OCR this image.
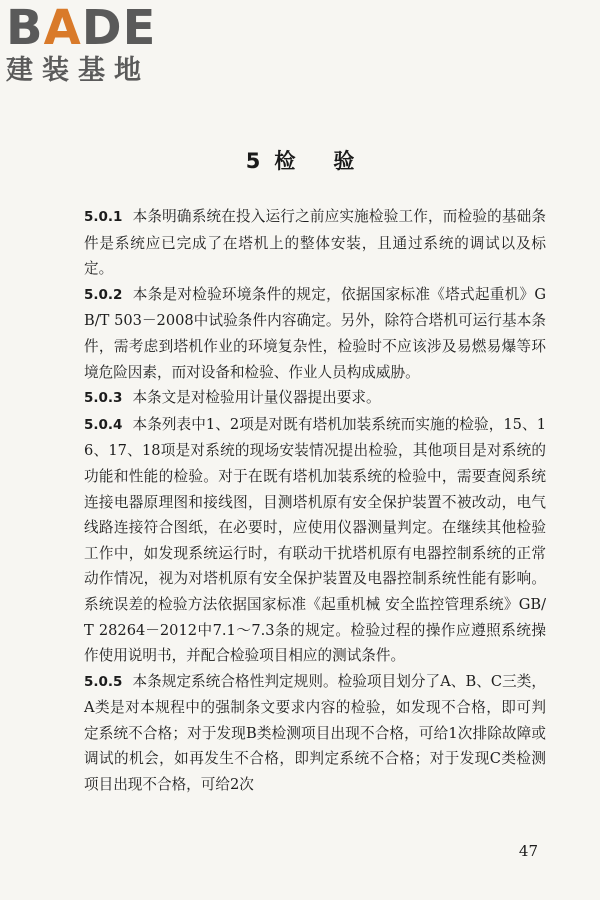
BADE
建装基地
5 检 验

5.0.1 本条明确系统在投入运行之前应实施检验工作，而检验的基础条件是系统应已完成了在塔机上的整体安装，且通过系统的调试以及标定。

5.0.2 本条是对检验环境条件的规定，依据国家标准《塔式起重机》GB/T 503－2008中试验条件内容确定。另外，除符合塔机可运行基本条件，需考虑到塔机作业的环境复杂性，检验时不应该涉及易燃易爆等环境危险因素，而对设备和检验、作业人员构成威胁。

5.0.3 本条文是对检验用计量仪器提出要求。

5.0.4 本条列表中1、2项是对既有塔机加装系统而实施的检验，15、16、17、18项是对系统的现场安装情况提出检验，其他项目是对系统的功能和性能的检验。对于在既有塔机加装系统的检验中，需要查阅系统连接电器原理图和接线图，目测塔机原有安全保护装置不被改动，电气线路连接符合图纸，在必要时，应使用仪器测量判定。在继续其他检验工作中，如发现系统运行时，有联动干扰塔机原有电器控制系统的正常动作情况，视为对塔机原有安全保护装置及电器控制系统性能有影响。系统误差的检验方法依据国家标准《起重机械 安全监控管理系统》GB/T 28264－2012中7.1～7.3条的规定。检验过程的操作应遵照系统操作使用说明书，并配合检验项目相应的测试条件。

5.0.5 本条规定系统合格性判定规则。检验项目划分了A、B、C三类，A类是对本规程中的强制条文要求内容的检验，如发现不合格，即可判定系统不合格；对于发现B类检测项目出现不合格，可给1次排除故障或调试的机会，如再发生不合格，即判定系统不合格；对于发现C类检测项目出现不合格，可给2次

47
